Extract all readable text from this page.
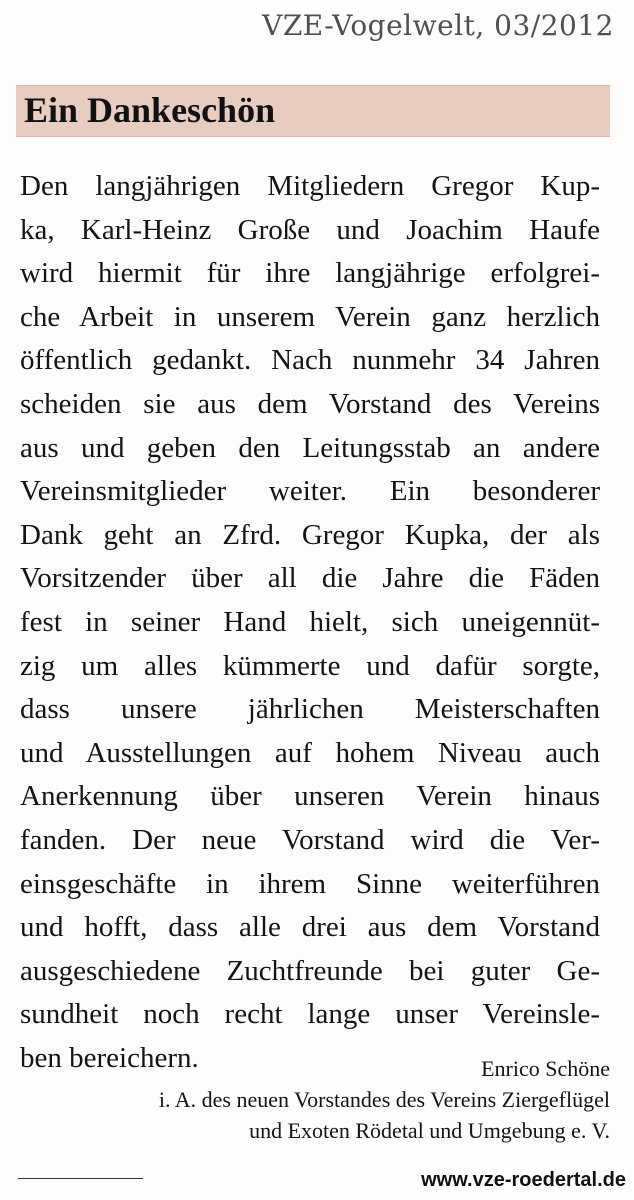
VZE-Vogelwelt, 03/2012
Ein Dankeschön
Den langjährigen Mitgliedern Gregor Kup-
ka, Karl-Heinz Große und Joachim Haufe
wird hiermit für ihre langjährige erfolgrei-
che Arbeit in unserem Verein ganz herzlich
öffentlich gedankt. Nach nunmehr 34 Jahren
scheiden sie aus dem Vorstand des Vereins
aus und geben den Leitungsstab an andere
Vereinsmitglieder weiter. Ein besonderer
Dank geht an Zfrd. Gregor Kupka, der als
Vorsitzender über all die Jahre die Fäden
fest in seiner Hand hielt, sich uneigennüt-
zig um alles kümmerte und dafür sorgte,
dass unsere jährlichen Meisterschaften
und Ausstellungen auf hohem Niveau auch
Anerkennung über unseren Verein hinaus
fanden. Der neue Vorstand wird die Ver-
einsgeschäfte in ihrem Sinne weiterführen
und hofft, dass alle drei aus dem Vorstand
ausgeschiedene Zuchtfreunde bei guter Ge-
sundheit noch recht lange unser Vereinsle-
ben bereichern.	Enrico Schöne
i. A. des neuen Vorstandes des Vereins Ziergeflügel
und Exoten Rödetal und Umgebung e. V.
www.vze-roedertal.de
